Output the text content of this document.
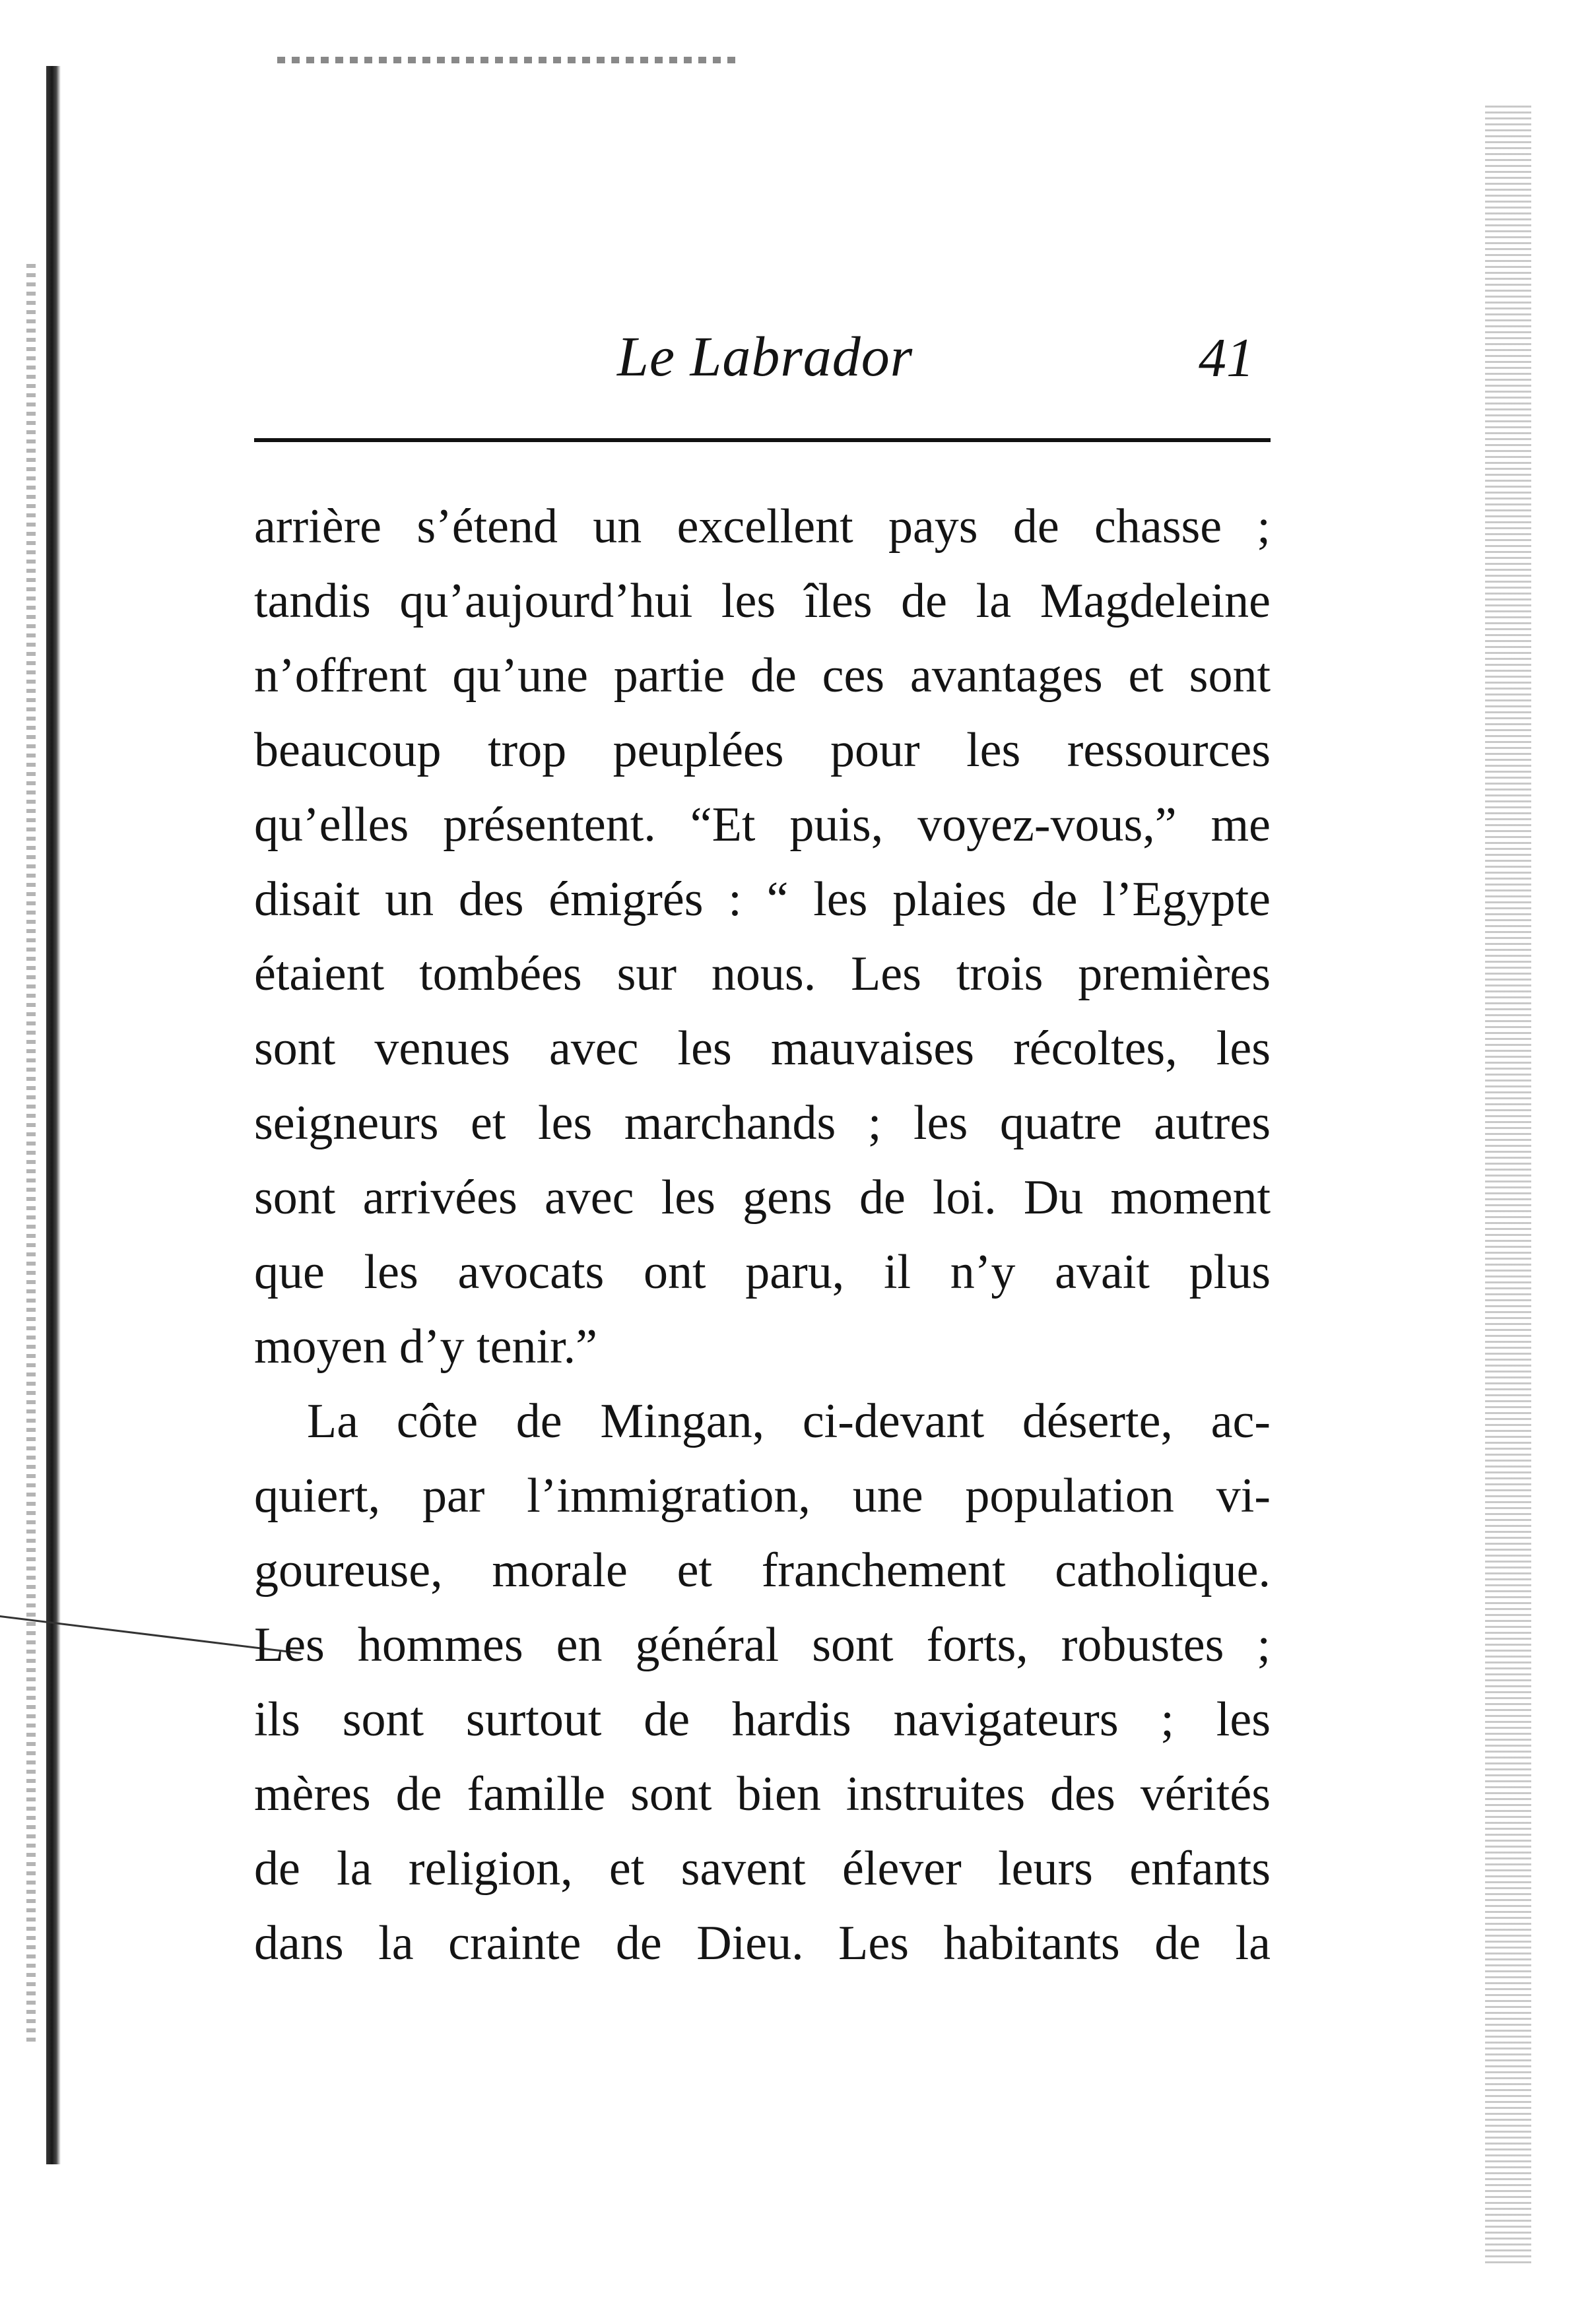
Le Labrador	41
arrière s’étend un excellent pays de chasse ;
tandis qu’aujourd’hui les îles de la Magdeleine
n’offrent qu’une partie de ces avantages et sont
beaucoup trop peuplées pour les ressources
qu’elles présentent. “Et puis, voyez-vous,” me
disait un des émigrés : “ les plaies de l’Egypte
étaient tombées sur nous. Les trois premières
sont venues avec les mauvaises récoltes, les
seigneurs et les marchands ; les quatre autres
sont arrivées avec les gens de loi. Du moment
que les avocats ont paru, il n’y avait plus
moyen d’y tenir.”
La côte de Mingan, ci-devant déserte, ac-
quiert, par l’immigration, une population vi-
goureuse, morale et franchement catholique.
Les hommes en général sont forts, robustes ;
ils sont surtout de hardis navigateurs ; les
mères de famille sont bien instruites des vérités
de la religion, et savent élever leurs enfants
dans la crainte de Dieu. Les habitants de la
